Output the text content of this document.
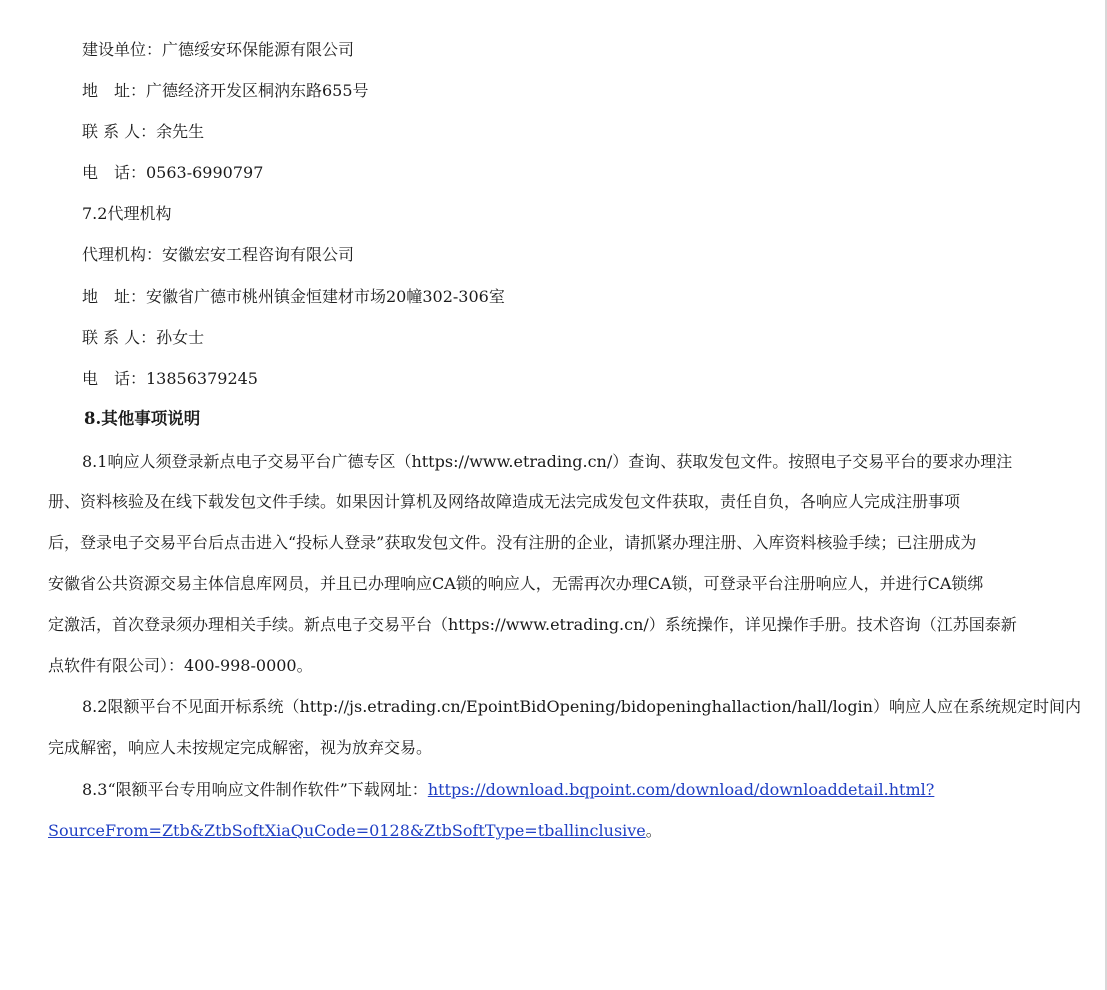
建设单位：广德绥安环保能源有限公司
地　址：广德经济开发区桐汭东路655号
联 系 人：余先生
电　话：0563-6990797
7.2代理机构
代理机构：安徽宏安工程咨询有限公司
地　址：安徽省广德市桃州镇金恒建材市场20幢302-306室
联 系 人：孙女士
电　话：13856379245
8.其他事项说明
8.1响应人须登录新点电子交易平台广德专区（https://www.etrading.cn/）查询、获取发包文件。按照电子交易平台的要求办理注
册、资料核验及在线下载发包文件手续。如果因计算机及网络故障造成无法完成发包文件获取，责任自负，各响应人完成注册事项
后，登录电子交易平台后点击进入“投标人登录”获取发包文件。没有注册的企业，请抓紧办理注册、入库资料核验手续；已注册成为
安徽省公共资源交易主体信息库网员，并且已办理响应CA锁的响应人，无需再次办理CA锁，可登录平台注册响应人，并进行CA锁绑
定激活，首次登录须办理相关手续。新点电子交易平台（https://www.etrading.cn/）系统操作，详见操作手册。技术咨询（江苏国泰新
点软件有限公司）：400-998-0000。
8.2限额平台不见面开标系统（http://js.etrading.cn/EpointBidOpening/bidopeninghallaction/hall/login）响应人应在系统规定时间内
完成解密，响应人未按规定完成解密，视为放弃交易。
8.3“限额平台专用响应文件制作软件”下载网址：https://download.bqpoint.com/download/downloaddetail.html?
SourceFrom=Ztb&ZtbSoftXiaQuCode=0128&ZtbSoftType=tballinclusive。
